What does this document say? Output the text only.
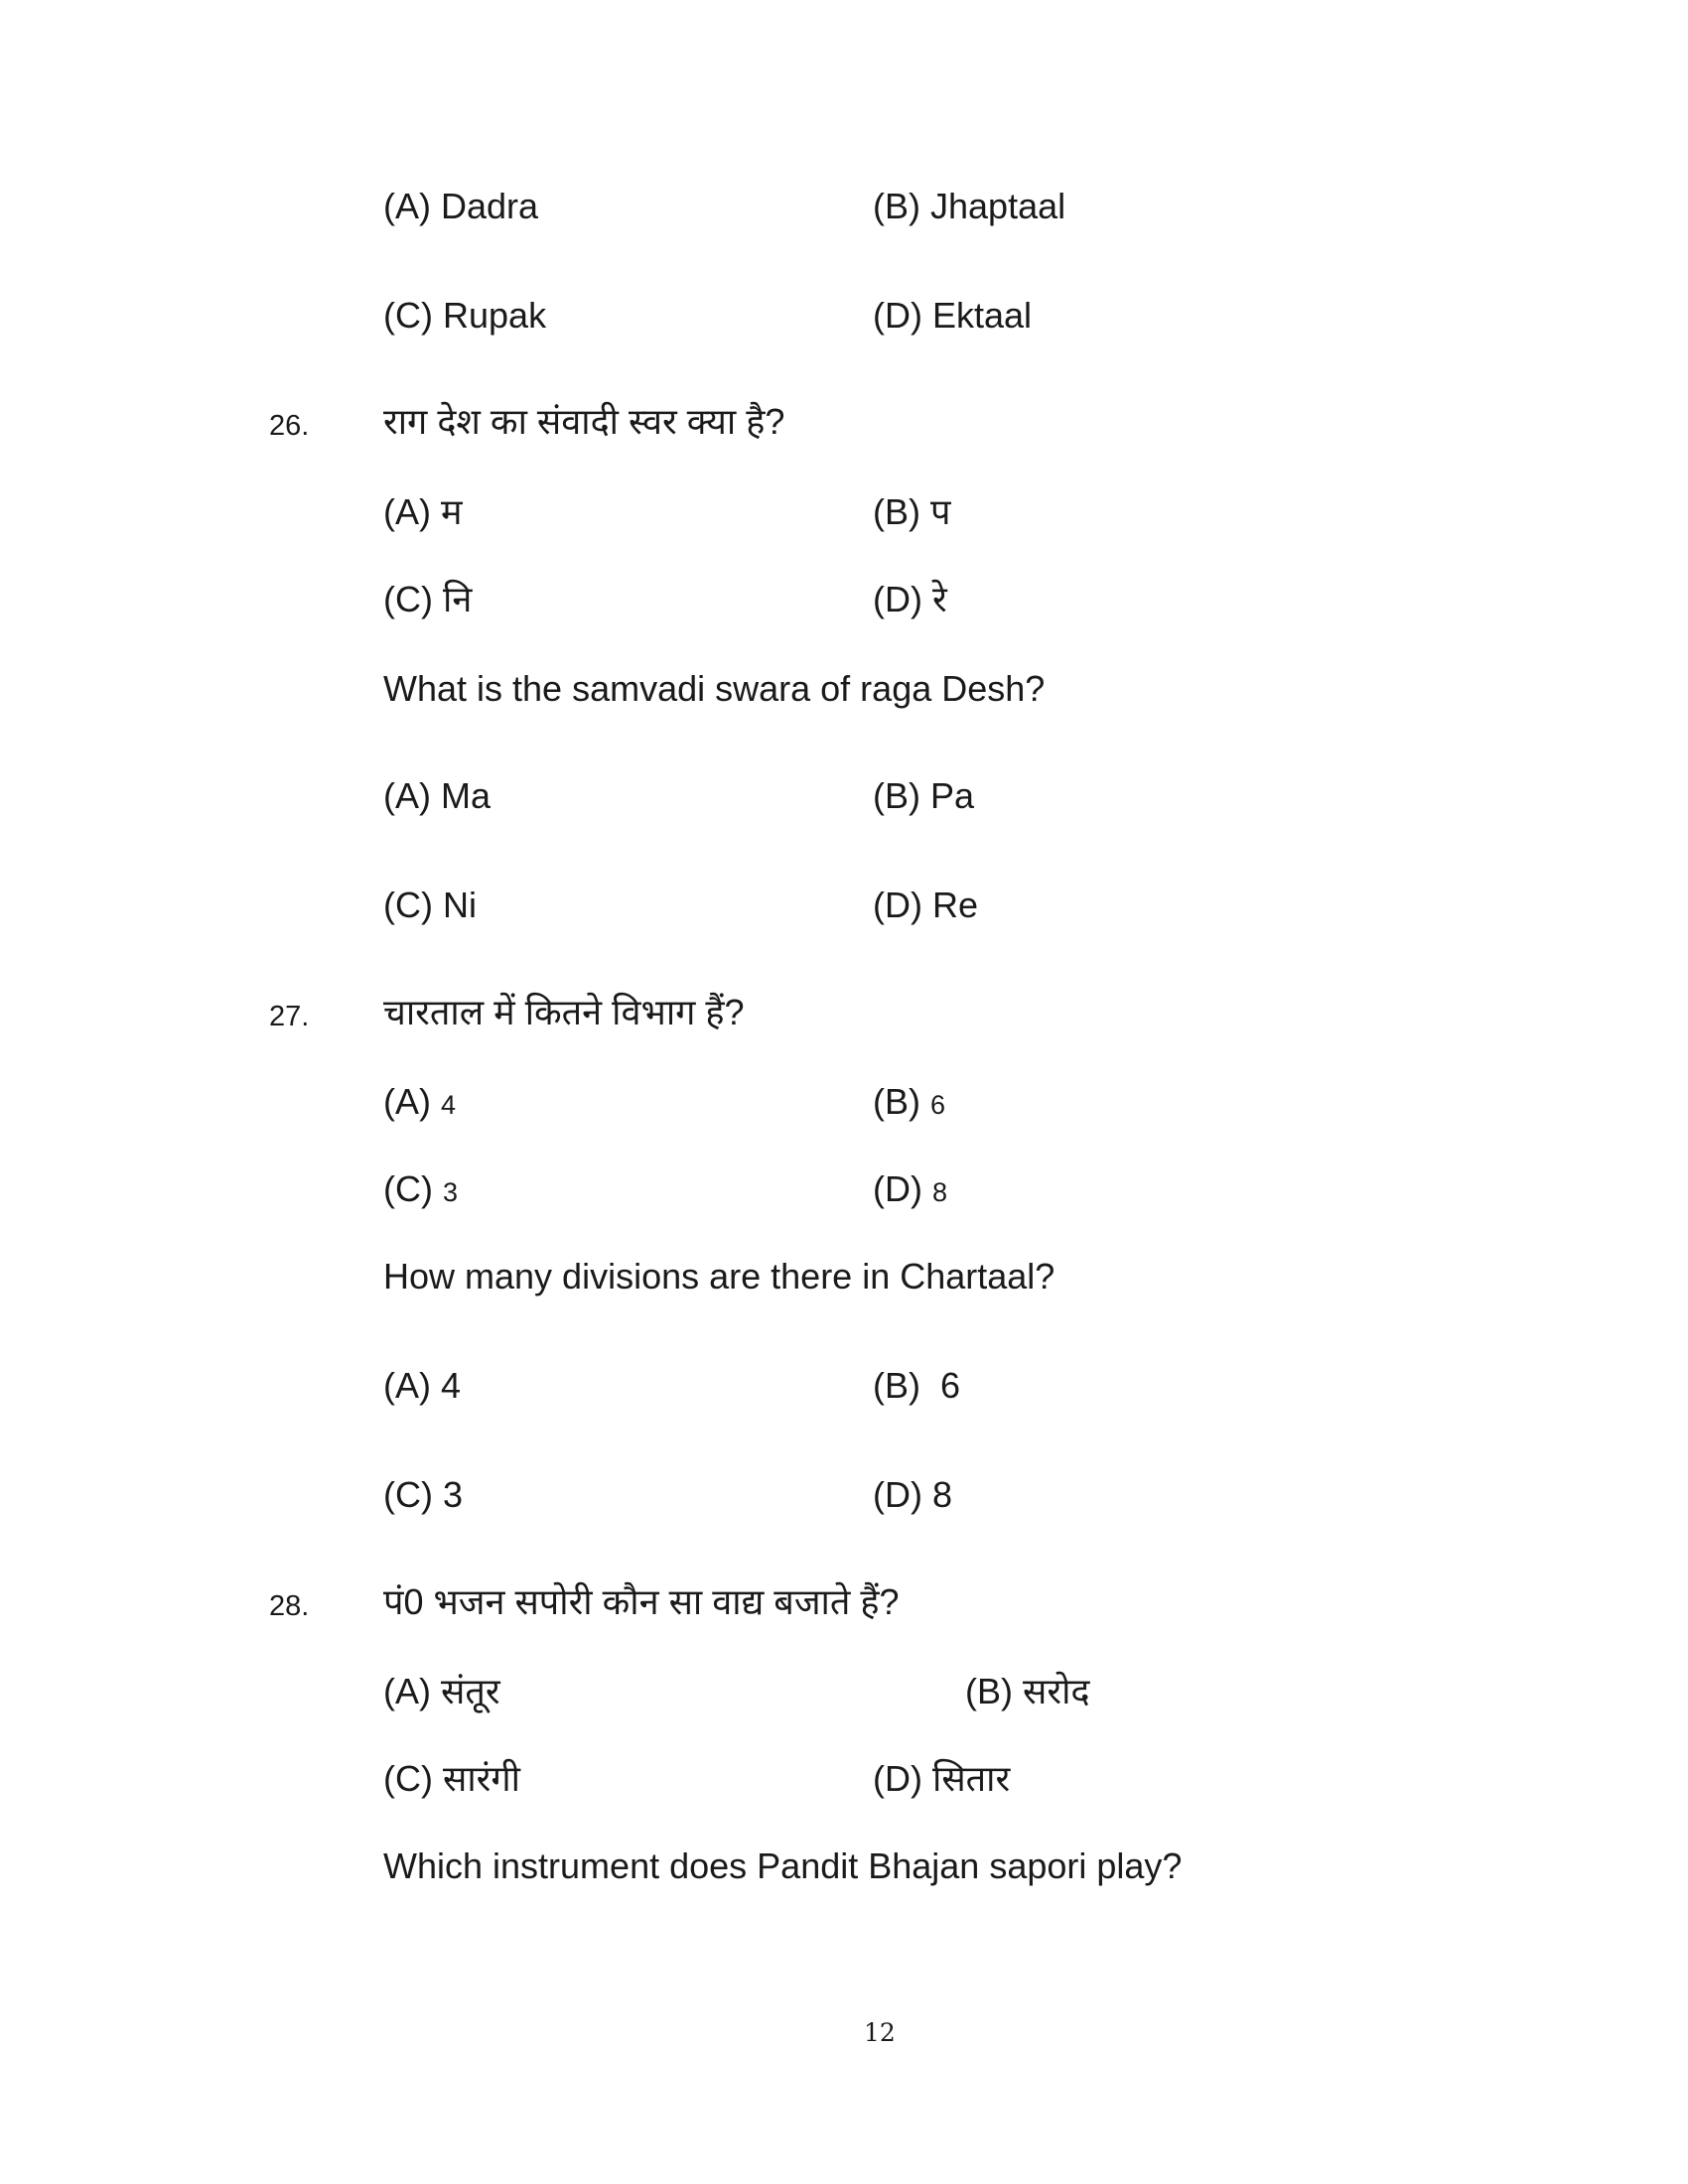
(A) Dadra	(B) Jhaptaal
(C) Rupak	(D) Ektaal
26. राग देश का संवादी स्वर क्या है?
(A) म	(B) प
(C) नि	(D) रे
What is the samvadi swara of raga Desh?
(A) Ma	(B) Pa
(C) Ni	(D) Re
27. चारताल में कितने विभाग हैं?
(A) 4	(B) 6
(C) 3	(D) 8
How many divisions are there in Chartaal?
(A) 4	(B) 6
(C) 3	(D) 8
28. पं0 भजन सपोरी कौन सा वाद्य बजाते हैं?
(A) संतूर	(B) सरोद
(C) सारंगी	(D) सितार
Which instrument does Pandit Bhajan sapori play?
12
